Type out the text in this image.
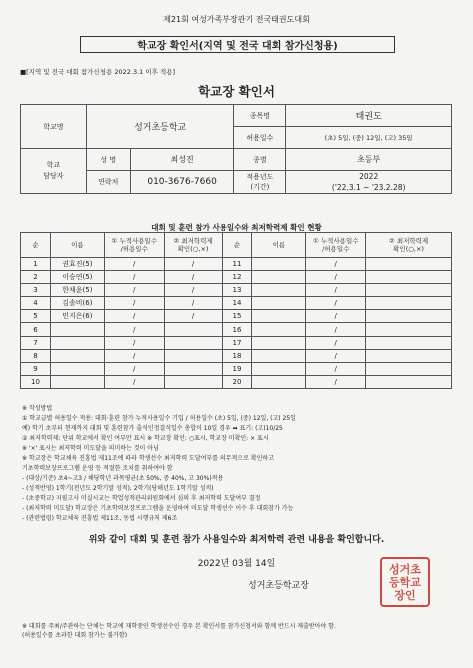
제21회 여성가족부장관기 전국태권도대회
학교장 확인서(지역 및 전국 대회 참가신청용)
■[지역 및 전국 대회 참가신청용 2022.3.1 이후 적용]
학교장 확인서
학교명	성거초등학교		종목명	태권도
			허용일수	(초) 5일, (중) 12일, (고) 35일
학교
담당자	성 명	최성진	종별	초등부
	연락처	010-3676-7660	적용년도
(기간)	2022
('22.3.1 ~ '23.2.28)

대회 및 훈련 참가 사용일수와 최저학력제 확인 현황
순	이름	① 누적사용일수
/허용일수	② 최저학력제
확인(○,×)	순	이름	① 누적사용일수
/허용일수	② 최저학력제
확인(○,×)
1	권효진(5)	/	/	11		/	
2	이승연(5)	/	/	12		/	
3	한채윤(5)	/	/	13		/	
4	김솔비(6)	/	/	14		/	
5	민지은(6)	/	/	15		/	
6		/		16		/	
7		/		17		/	
8		/		18		/	
9		/		19		/	
10		/		20		/	
※ 작성방법
① 학교급별 허용일수 적용: 대회·훈련 참가 누적사용일수 기입 / 허용일수 (초) 5일, (중) 12일, (고) 25일
예) 학기 초부터 현재까지 대회 및 훈련참가 출석인정결석일수 총합이 10일 경우 ➡ 표기: (고)10/25
② 최저학력제: 단위 학교에서 확인 여부만 표시 ※ 학교장 확인: ○표시, 학교장 미확인: × 표시
※ '×' 표시는 최저학력 미도달을 의미하는 것이 아님
※ 학교장은 학교체육 진흥법 제11조에 따라 학생선수 최저학력 도달여부를 의무적으로 확인하고
기초학력보장프로그램 운영 등 적절한 조치를 취하여야 함
- (대상/기준) 초4~고3 / 해당학년 과목평균(초 50%, 중 40%, 고 30%)적용
- (성적반영) 1학기(전년도 2학기말 성적), 2학기(당해년도 1학기말 성적)
- (초중학교) 지필고사 미실시교는 학업성적관리위원회에서 심의 후 최저학력 도달여부 결정
- (최저학력 미도달) 학교장은 기초학력보장프로그램을 운영하여 미도달 학생선수 이수 후 대회참가 가능
- (관련법령) 학교체육 진흥법 제11조, 동법 시행규칙 제6조
위와 같이 대회 및 훈련 참가 사용일수와 최저학력 관련 내용을 확인합니다.
2022년 03월 14일
성거초등학교장
성거초등학교장인
※ 대회를 주최/주관하는 단체는 학교에 재학중인 학생선수인 경우 본 확인서를 참가신청서와 함께 반드시 제출받아야 함.
(허용일수를 초과한 대회 참가는 불가함)
